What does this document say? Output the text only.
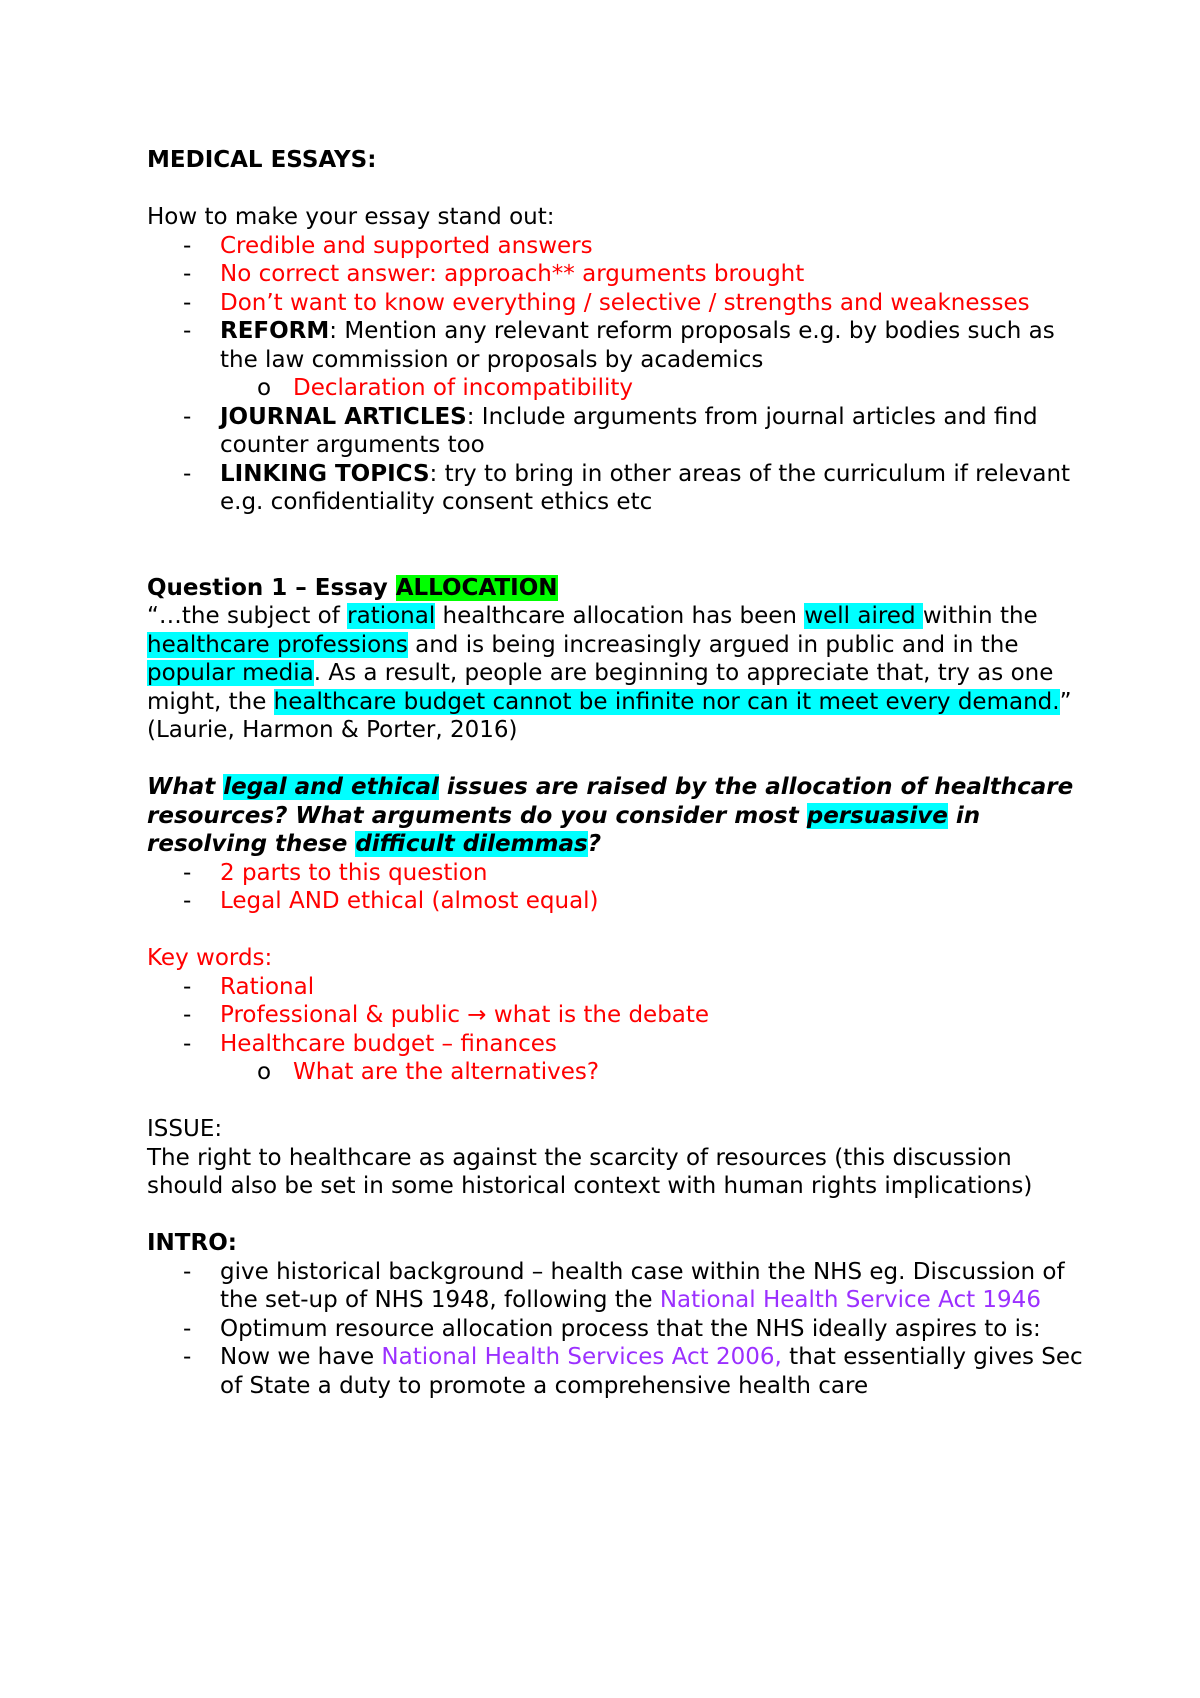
MEDICAL ESSAYS:

How to make your essay stand out:

- Credible and supported answers
- No correct answer: approach** arguments brought
- Don’t want to know everything / selective / strengths and weaknesses
- REFORM: Mention any relevant reform proposals e.g. by bodies such as the law commission or proposals by academics
o Declaration of incompatibility
- JOURNAL ARTICLES: Include arguments from journal articles and find counter arguments too
- LINKING TOPICS: try to bring in other areas of the curriculum if relevant e.g. confidentiality consent ethics etc

Question 1 – Essay ALLOCATION

“…the subject of rational healthcare allocation has been well aired within the healthcare professions and is being increasingly argued in public and in the popular media. As a result, people are beginning to appreciate that, try as one might, the healthcare budget cannot be infinite nor can it meet every demand.” (Laurie, Harmon & Porter, 2016)

What legal and ethical issues are raised by the allocation of healthcare resources? What arguments do you consider most persuasive in resolving these difficult dilemmas?

- 2 parts to this question
- Legal AND ethical (almost equal)

Key words:

- Rational
- Professional & public → what is the debate
- Healthcare budget – finances
o What are the alternatives?

ISSUE:

The right to healthcare as against the scarcity of resources (this discussion should also be set in some historical context with human rights implications)

INTRO:

- give historical background – health case within the NHS eg. Discussion of the set-up of NHS 1948, following the National Health Service Act 1946
- Optimum resource allocation process that the NHS ideally aspires to is:
- Now we have National Health Services Act 2006, that essentially gives Sec of State a duty to promote a comprehensive health care
